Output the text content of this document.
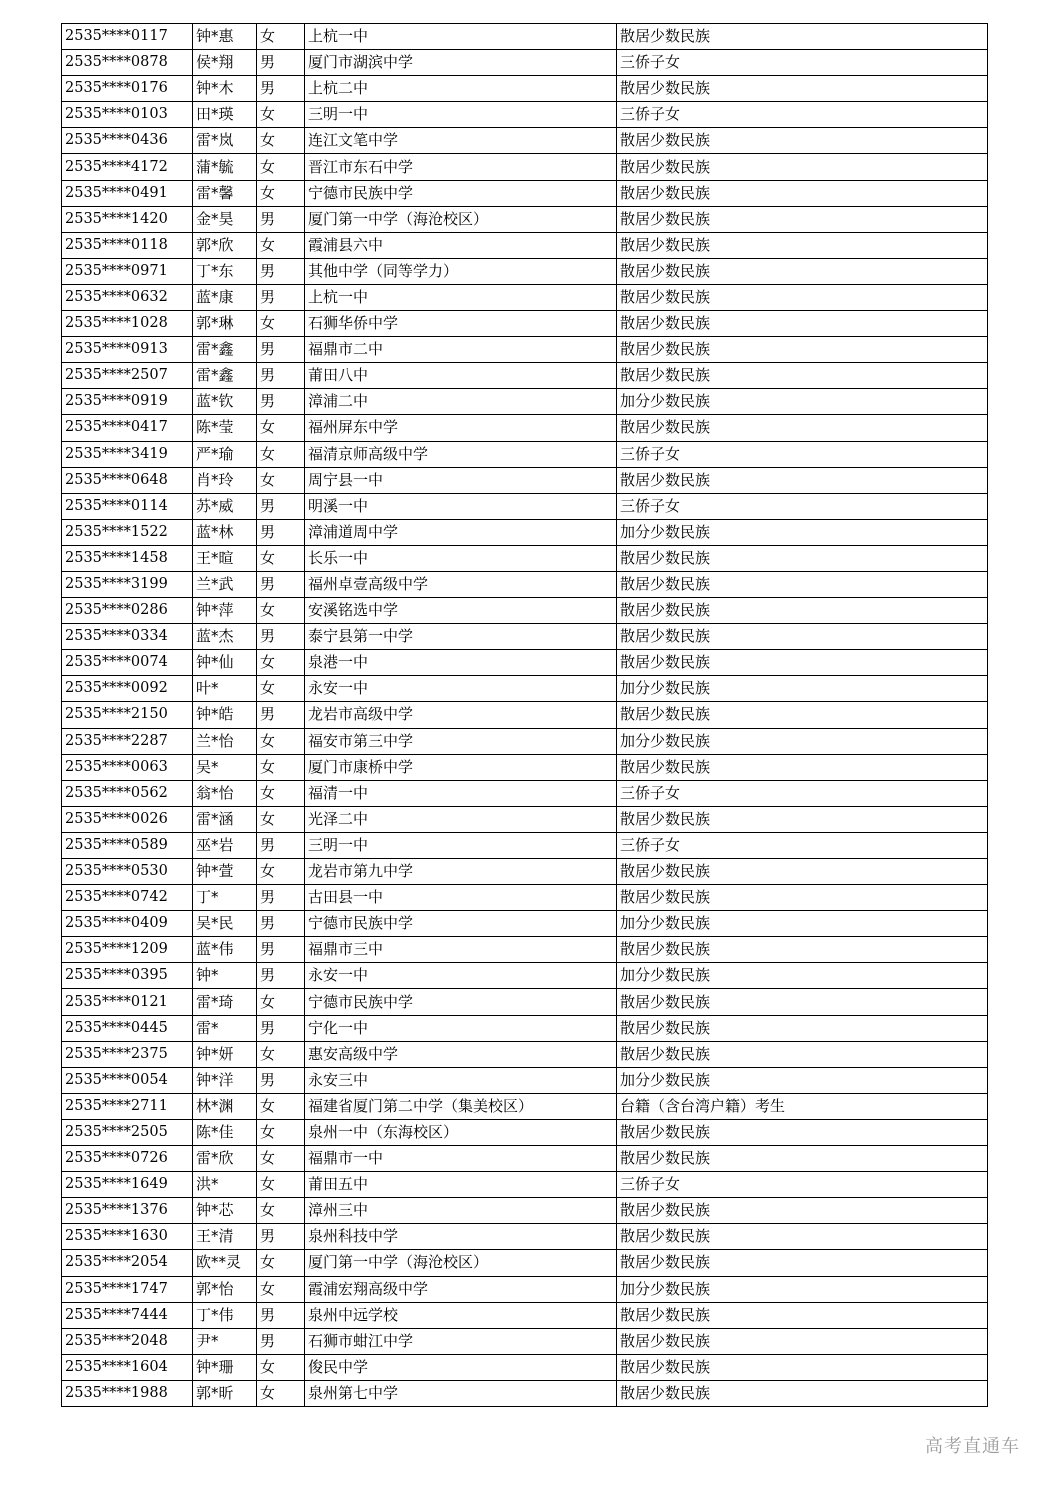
2535****0117	钟*惠	女	上杭一中	散居少数民族
2535****0878	侯*翔	男	厦门市湖滨中学	三侨子女
2535****0176	钟*木	男	上杭二中	散居少数民族
2535****0103	田*瑛	女	三明一中	三侨子女
2535****0436	雷*岚	女	连江文笔中学	散居少数民族
2535****4172	蒲*毓	女	晋江市东石中学	散居少数民族
2535****0491	雷*馨	女	宁德市民族中学	散居少数民族
2535****1420	金*昊	男	厦门第一中学（海沧校区）	散居少数民族
2535****0118	郭*欣	女	霞浦县六中	散居少数民族
2535****0971	丁*东	男	其他中学（同等学力）	散居少数民族
2535****0632	蓝*康	男	上杭一中	散居少数民族
2535****1028	郭*琳	女	石狮华侨中学	散居少数民族
2535****0913	雷*鑫	男	福鼎市二中	散居少数民族
2535****2507	雷*鑫	男	莆田八中	散居少数民族
2535****0919	蓝*钦	男	漳浦二中	加分少数民族
2535****0417	陈*莹	女	福州屏东中学	散居少数民族
2535****3419	严*瑜	女	福清京师高级中学	三侨子女
2535****0648	肖*玲	女	周宁县一中	散居少数民族
2535****0114	苏*威	男	明溪一中	三侨子女
2535****1522	蓝*林	男	漳浦道周中学	加分少数民族
2535****1458	王*暄	女	长乐一中	散居少数民族
2535****3199	兰*武	男	福州卓壹高级中学	散居少数民族
2535****0286	钟*萍	女	安溪铭选中学	散居少数民族
2535****0334	蓝*杰	男	泰宁县第一中学	散居少数民族
2535****0074	钟*仙	女	泉港一中	散居少数民族
2535****0092	叶*	女	永安一中	加分少数民族
2535****2150	钟*皓	男	龙岩市高级中学	散居少数民族
2535****2287	兰*怡	女	福安市第三中学	加分少数民族
2535****0063	吴*	女	厦门市康桥中学	散居少数民族
2535****0562	翁*怡	女	福清一中	三侨子女
2535****0026	雷*涵	女	光泽二中	散居少数民族
2535****0589	巫*岩	男	三明一中	三侨子女
2535****0530	钟*萱	女	龙岩市第九中学	散居少数民族
2535****0742	丁*	男	古田县一中	散居少数民族
2535****0409	吴*民	男	宁德市民族中学	加分少数民族
2535****1209	蓝*伟	男	福鼎市三中	散居少数民族
2535****0395	钟*	男	永安一中	加分少数民族
2535****0121	雷*琦	女	宁德市民族中学	散居少数民族
2535****0445	雷*	男	宁化一中	散居少数民族
2535****2375	钟*妍	女	惠安高级中学	散居少数民族
2535****0054	钟*洋	男	永安三中	加分少数民族
2535****2711	林*渊	女	福建省厦门第二中学（集美校区）	台籍（含台湾户籍）考生
2535****2505	陈*佳	女	泉州一中（东海校区）	散居少数民族
2535****0726	雷*欣	女	福鼎市一中	散居少数民族
2535****1649	洪*	女	莆田五中	三侨子女
2535****1376	钟*芯	女	漳州三中	散居少数民族
2535****1630	王*清	男	泉州科技中学	散居少数民族
2535****2054	欧**灵	女	厦门第一中学（海沧校区）	散居少数民族
2535****1747	郭*怡	女	霞浦宏翔高级中学	加分少数民族
2535****7444	丁*伟	男	泉州中远学校	散居少数民族
2535****2048	尹*	男	石狮市蚶江中学	散居少数民族
2535****1604	钟*珊	女	俊民中学	散居少数民族
2535****1988	郭*昕	女	泉州第七中学	散居少数民族
高考直通车
